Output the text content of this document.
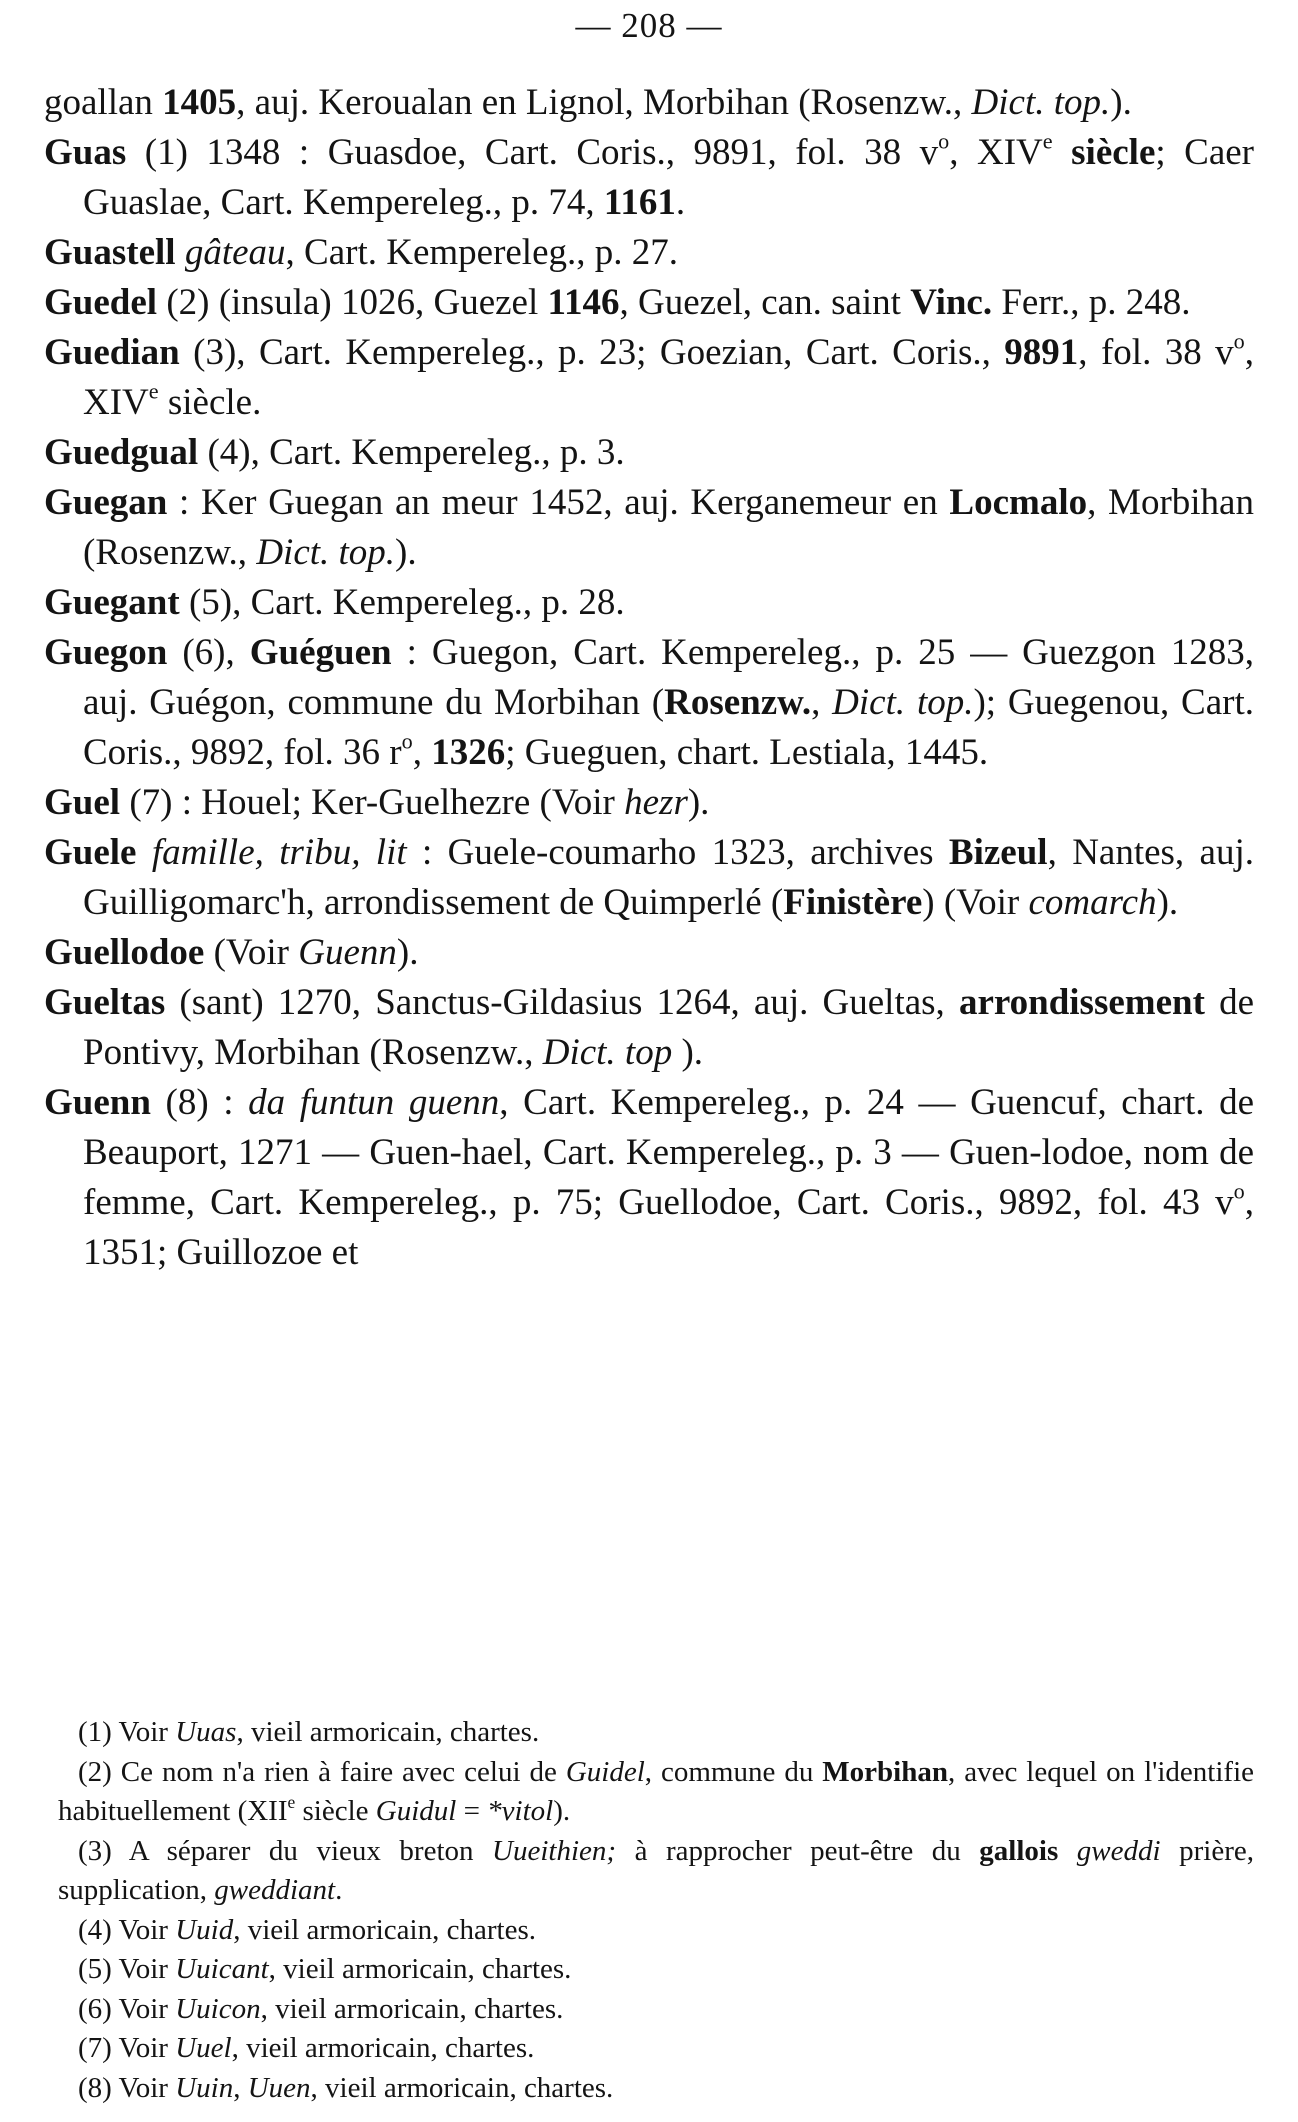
— 208 —

goallan 1405, auj. Keroualan en Lignol, Morbihan (Rosenzw., Dict. top.).

Guas (1) 1348 : Guasdoe, Cart. Coris., 9891, fol. 38 $v^o$, XIVe siècle; Caer Guaslae, Cart. Kempereleg., p. 74, 1161.

Guastell gâteau, Cart. Kempereleg., p. 27.

Guedel (2) (insula) 1026, Guezel 1146, Guezel, can. saint Vinc. Ferr., p. 248.

Guedian (3), Cart. Kempereleg., p. 23; Goezian, Cart. Coris., 9891, fol. 38 $v^o$, XIVe siècle.

Guedgual (4), Cart. Kempereleg., p. 3.

Guegan : Ker Guegan an meur 1452, auj. Kerganemeur en Locmalo, Morbihan (Rosenzw., Dict. top.).

Guegant (5), Cart. Kempereleg., p. 28.

Guegon (6), Guéguen : Guegon, Cart. Kempereleg., p. 25 — Guezgon 1283, auj. Guégon, commune du Morbihan (Rosenzw., Dict. top.); Guegenou, Cart. Coris., 9892, fol. 36 $r^o$, 1326; Gueguen, chart. Lestiala, 1445.

Guel (7) : Houel; Ker-Guelhezre (Voir hezr).

Guele famille, tribu, lit : Guele-coumarho 1323, archives Bizeul, Nantes, auj. Guilligomarc'h, arrondissement de Quimperlé (Finistère) (Voir comarch).

Guellodoe (Voir Guenn).

Gueltas (sant) 1270, Sanctus-Gildasius 1264, auj. Gueltas, arrondissement de Pontivy, Morbihan (Rosenzw., Dict. top ).

Guenn (8) : da funtun guenn, Cart. Kempereleg., p. 24 — Guencuf, chart. de Beauport, 1271 — Guen-hael, Cart. Kempereleg., p. 3 — Guen-lodoe, nom de femme, Cart. Kempereleg., p. 75; Guellodoe, Cart. Coris., 9892, fol. 43 $v^o$, 1351; Guillozoe et

(1) Voir Uuas, vieil armoricain, chartes.

(2) Ce nom n'a rien à faire avec celui de Guidel, commune du Morbihan, avec lequel on l'identifie habituellement (XIIe siècle Guidul = *vitol).

(3) A séparer du vieux breton Uueithien; à rapprocher peut-être du gallois gweddi prière, supplication, gweddiant.

(4) Voir Uuid, vieil armoricain, chartes.

(5) Voir Uuicant, vieil armoricain, chartes.

(6) Voir Uuicon, vieil armoricain, chartes.

(7) Voir Uuel, vieil armoricain, chartes.

(8) Voir Uuin, Uuen, vieil armoricain, chartes.
